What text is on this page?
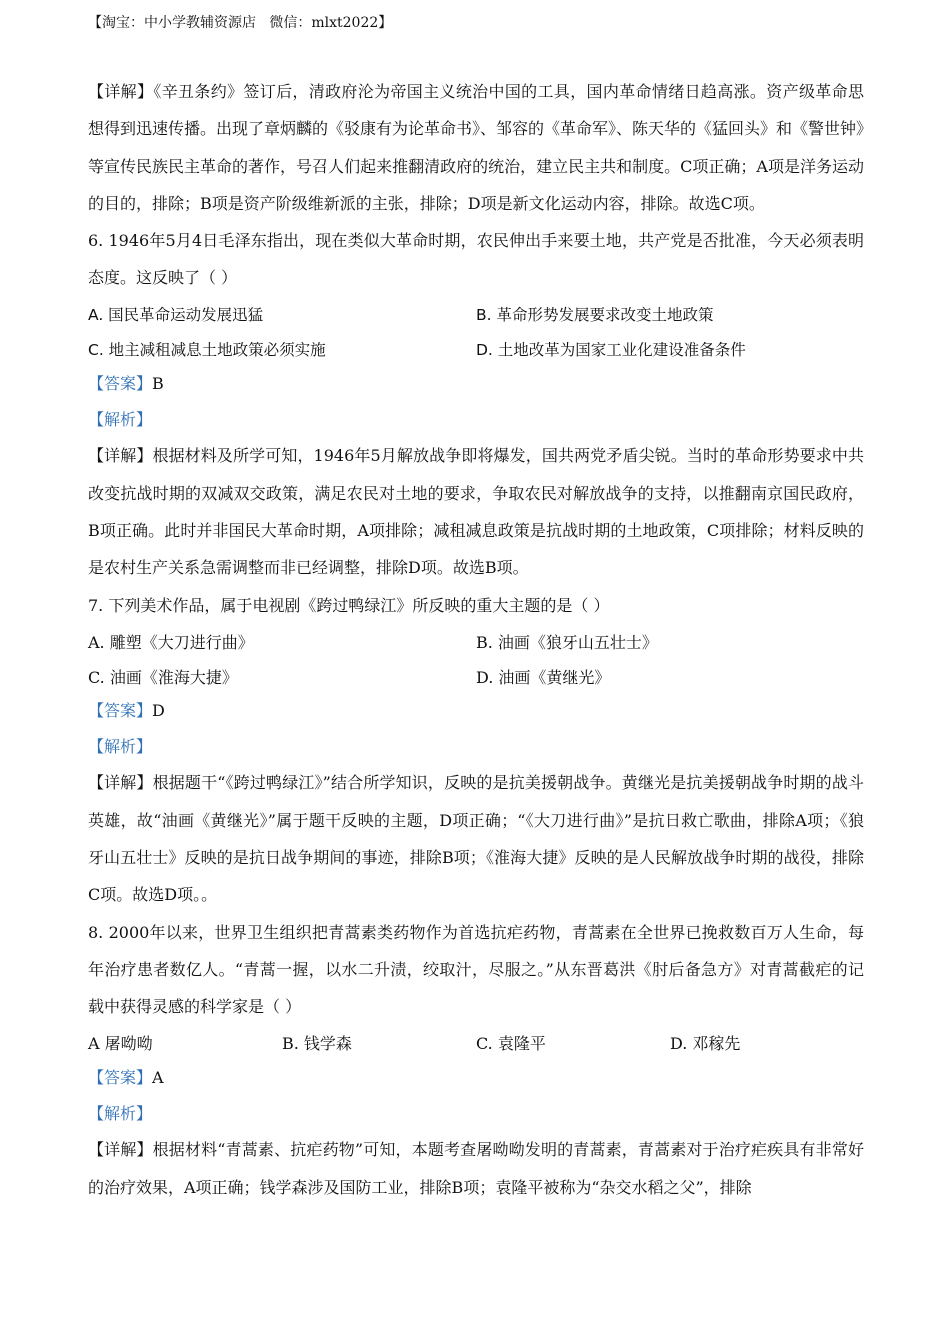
【淘宝：中小学教辅资源店   微信：mlxt2022】

【详解】《辛丑条约》签订后，清政府沦为帝国主义统治中国的工具，国内革命情绪日趋高涨。资产级革命思想得到迅速传播。出现了章炳麟的《驳康有为论革命书》、邹容的《革命军》、陈天华的《猛回头》和《警世钟》等宣传民族民主革命的著作，号召人们起来推翻清政府的统治，建立民主共和制度。C项正确；A项是洋务运动的目的，排除；B项是资产阶级维新派的主张，排除；D项是新文化运动内容，排除。故选C项。

6. 1946年5月4日毛泽东指出，现在类似大革命时期，农民伸出手来要土地，共产党是否批准，今天必须表明态度。这反映了（ ）

A. 国民革命运动发展迅猛	B. 革命形势发展要求改变土地政策
C. 地主减租减息土地政策必须实施	D. 土地改革为国家工业化建设准备条件
【答案】B
【解析】

【详解】根据材料及所学可知，1946年5月解放战争即将爆发，国共两党矛盾尖锐。当时的革命形势要求中共改变抗战时期的双减双交政策，满足农民对土地的要求，争取农民对解放战争的支持，以推翻南京国民政府，B项正确。此时并非国民大革命时期，A项排除；减租减息政策是抗战时期的土地政策，C项排除；材料反映的是农村生产关系急需调整而非已经调整，排除D项。故选B项。

7. 下列美术作品，属于电视剧《跨过鸭绿江》所反映的重大主题的是（ ）

A. 雕塑《大刀进行曲》	B. 油画《狼牙山五壮士》
C. 油画《淮海大捷》	D. 油画《黄继光》
【答案】D
【解析】

【详解】根据题干“《跨过鸭绿江》”结合所学知识，反映的是抗美援朝战争。黄继光是抗美援朝战争时期的战斗英雄，故“油画《黄继光》”属于题干反映的主题，D项正确；“《大刀进行曲》”是抗日救亡歌曲，排除A项；《狼牙山五壮士》反映的是抗日战争期间的事迹，排除B项；《淮海大捷》反映的是人民解放战争时期的战役，排除C项。故选D项。。

8. 2000年以来，世界卫生组织把青蒿素类药物作为首选抗疟药物，青蒿素在全世界已挽救数百万人生命，每年治疗患者数亿人。“青蒿一握，以水二升渍，绞取汁，尽服之。”从东晋葛洪《肘后备急方》对青蒿截疟的记载中获得灵感的科学家是（ ）

A 屠呦呦	B. 钱学森	C. 袁隆平	D. 邓稼先
【答案】A
【解析】

【详解】根据材料“青蒿素、抗疟药物”可知，本题考查屠呦呦发明的青蒿素，青蒿素对于治疗疟疾具有非常好的治疗效果，A项正确；钱学森涉及国防工业，排除B项；袁隆平被称为“杂交水稻之父”，排除
